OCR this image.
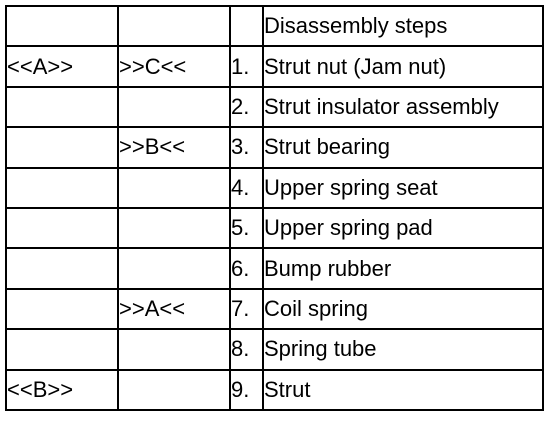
			Disassembly steps
<<A>>	>>C<<	1.	Strut nut (Jam nut)
		2.	Strut insulator assembly
	>>B<<	3.	Strut bearing
		4.	Upper spring seat
		5.	Upper spring pad
		6.	Bump rubber
	>>A<<	7.	Coil spring
		8.	Spring tube
<<B>>		9.	Strut
